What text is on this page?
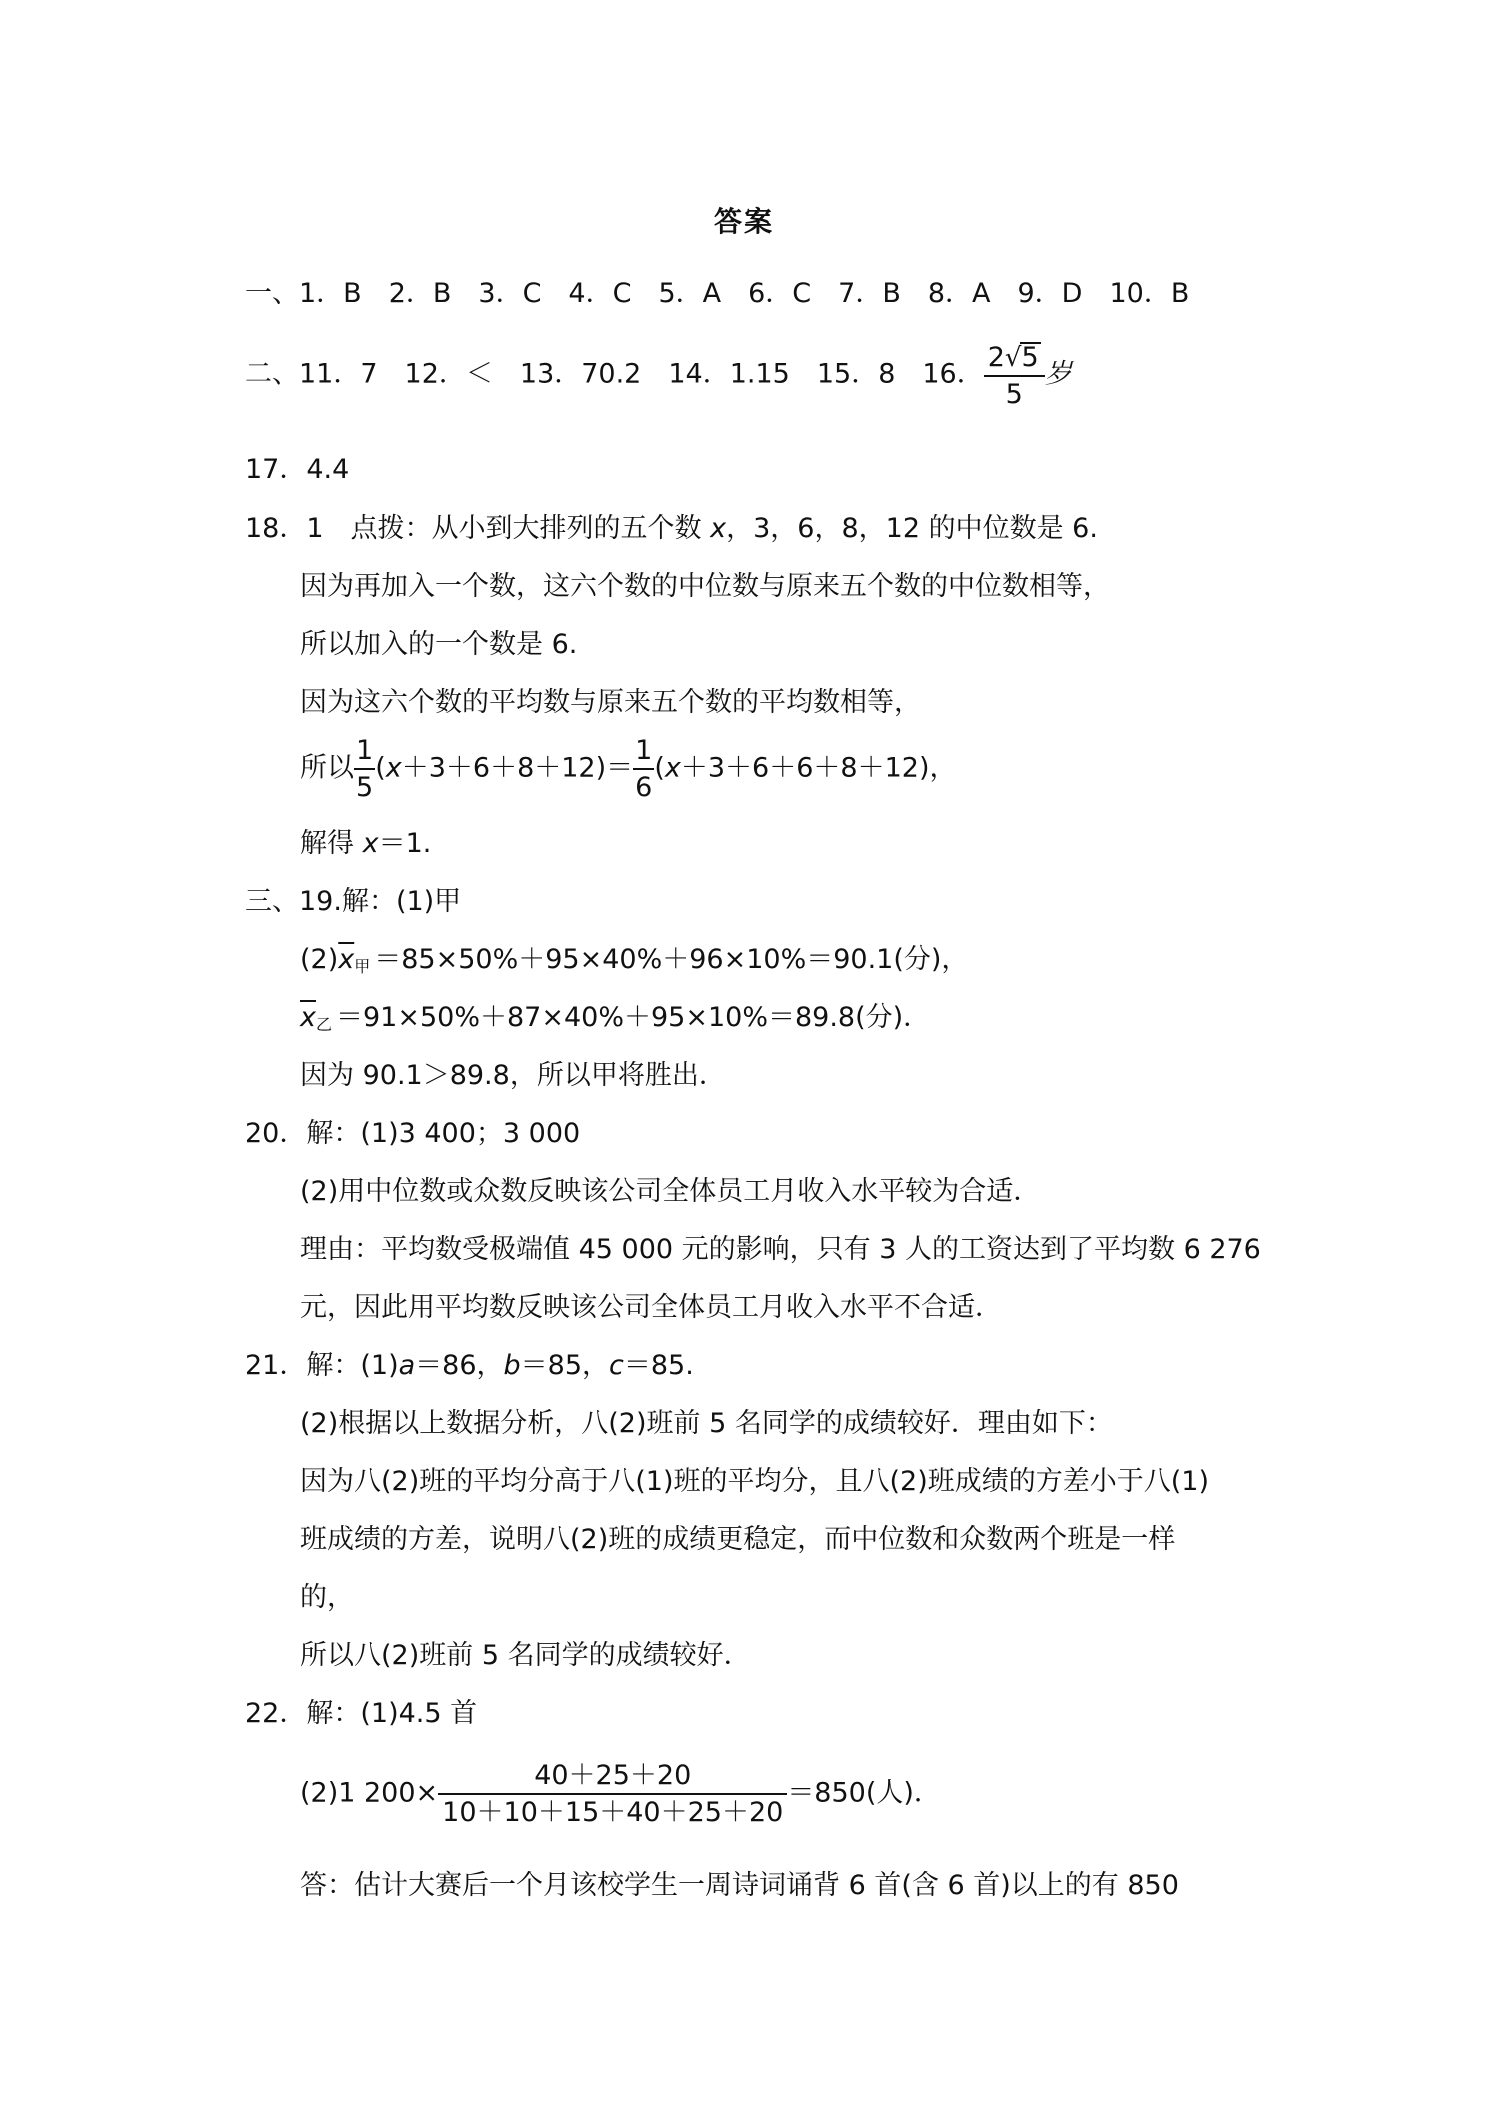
答案
一、1．B　2．B　3．C　4．C　5．A　6．C　7．B　8．A　9．D　10．B
二、11．7　12．＜　13．70.2　14．1.15　15．8　16． $\frac{2√5}{5}$ 岁
17．4.4
18．1　点拨：从小到大排列的五个数 x，3，6，8，12 的中位数是 6.
因为再加入一个数，这六个数的中位数与原来五个数的中位数相等，
所以加入的一个数是 6.
因为这六个数的平均数与原来五个数的平均数相等，
所以 $\frac{1}{5} (x+3+6+8+12)= \frac{1}{6} (x+3+6+6+8+12)$，
解得 x＝1.
三、19.解：(1)甲
$(2)\overline{x}_甲 =85\times 50\%+95\times 40\%+96\times 10\%=90.1$(分)，
$\overline{x}_乙 =91\times 50\%+87\times 40\%+95\times 10\%=89.8$(分)．
因为 90.1＞89.8，所以甲将胜出．
20．解：(1)3 400；3 000
(2)用中位数或众数反映该公司全体员工月收入水平较为合适．
理由：平均数受极端值 45 000 元的影响，只有 3 人的工资达到了平均数 6 276
元，因此用平均数反映该公司全体员工月收入水平不合适．
21．解：(1)a＝86，b＝85，c＝85.
(2)根据以上数据分析，八(2)班前 5 名同学的成绩较好．理由如下：
因为八(2)班的平均分高于八(1)班的平均分，且八(2)班成绩的方差小于八(1)
班成绩的方差，说明八(2)班的成绩更稳定，而中位数和众数两个班是一样
的，
所以八(2)班前 5 名同学的成绩较好．
22．解：(1)4.5 首
(2)1 $200\times \frac{40+25+20}{10+10+15+40+25+20} =850$(人)．
答：估计大赛后一个月该校学生一周诗词诵背 6 首(含 6 首)以上的有 850
